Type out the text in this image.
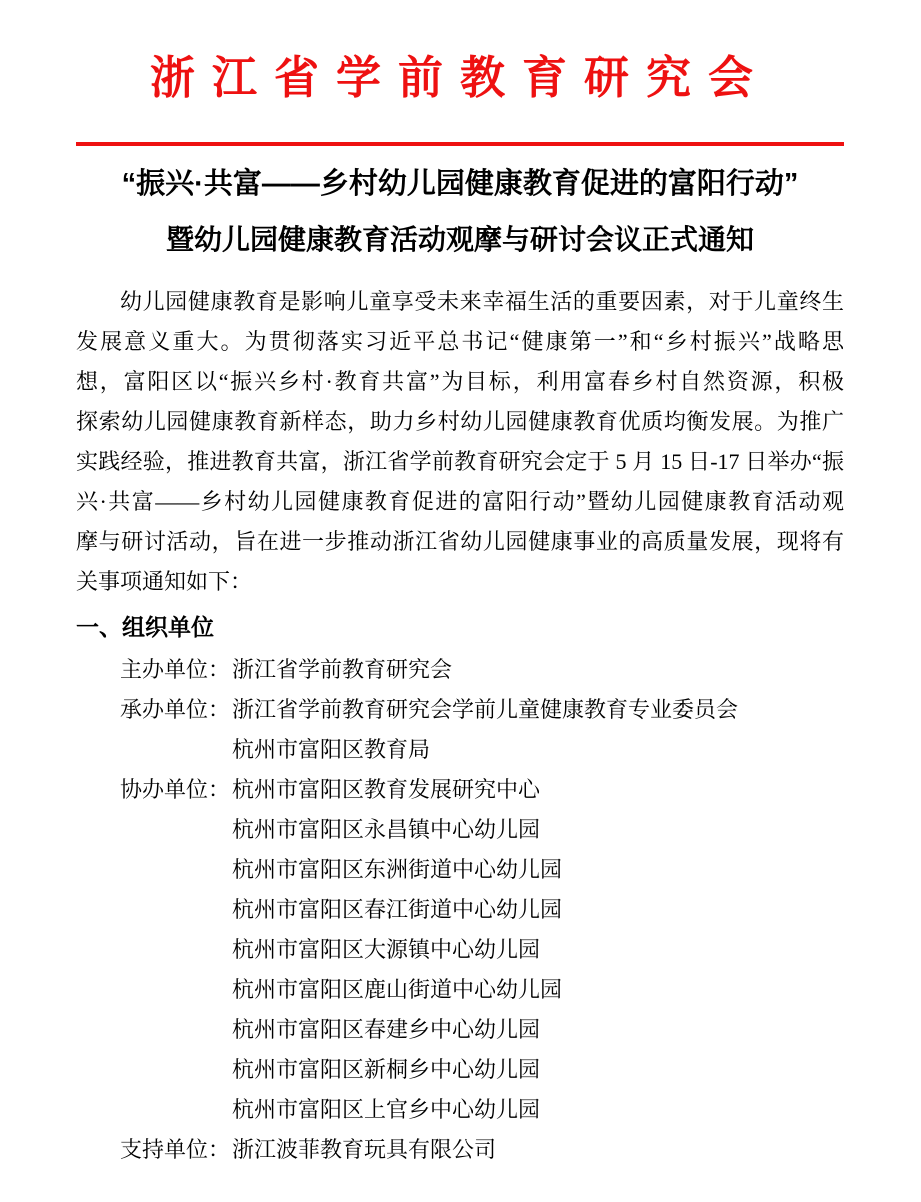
浙江省学前教育研究会
“振兴·共富——乡村幼儿园健康教育促进的富阳行动”
暨幼儿园健康教育活动观摩与研讨会议正式通知
幼儿园健康教育是影响儿童享受未来幸福生活的重要因素，对于儿童终生
发展意义重大。为贯彻落实习近平总书记“健康第一”和“乡村振兴”战略思
想，富阳区以“振兴乡村·教育共富”为目标，利用富春乡村自然资源，积极
探索幼儿园健康教育新样态，助力乡村幼儿园健康教育优质均衡发展。为推广
实践经验，推进教育共富，浙江省学前教育研究会定于 5 月 15 日-17 日举办“振
兴·共富——乡村幼儿园健康教育促进的富阳行动”暨幼儿园健康教育活动观
摩与研讨活动，旨在进一步推动浙江省幼儿园健康事业的高质量发展，现将有
关事项通知如下：
一、组织单位
主办单位：浙江省学前教育研究会
承办单位：浙江省学前教育研究会学前儿童健康教育专业委员会
杭州市富阳区教育局
协办单位：杭州市富阳区教育发展研究中心
杭州市富阳区永昌镇中心幼儿园
杭州市富阳区东洲街道中心幼儿园
杭州市富阳区春江街道中心幼儿园
杭州市富阳区大源镇中心幼儿园
杭州市富阳区鹿山街道中心幼儿园
杭州市富阳区春建乡中心幼儿园
杭州市富阳区新桐乡中心幼儿园
杭州市富阳区上官乡中心幼儿园
支持单位：浙江波菲教育玩具有限公司
